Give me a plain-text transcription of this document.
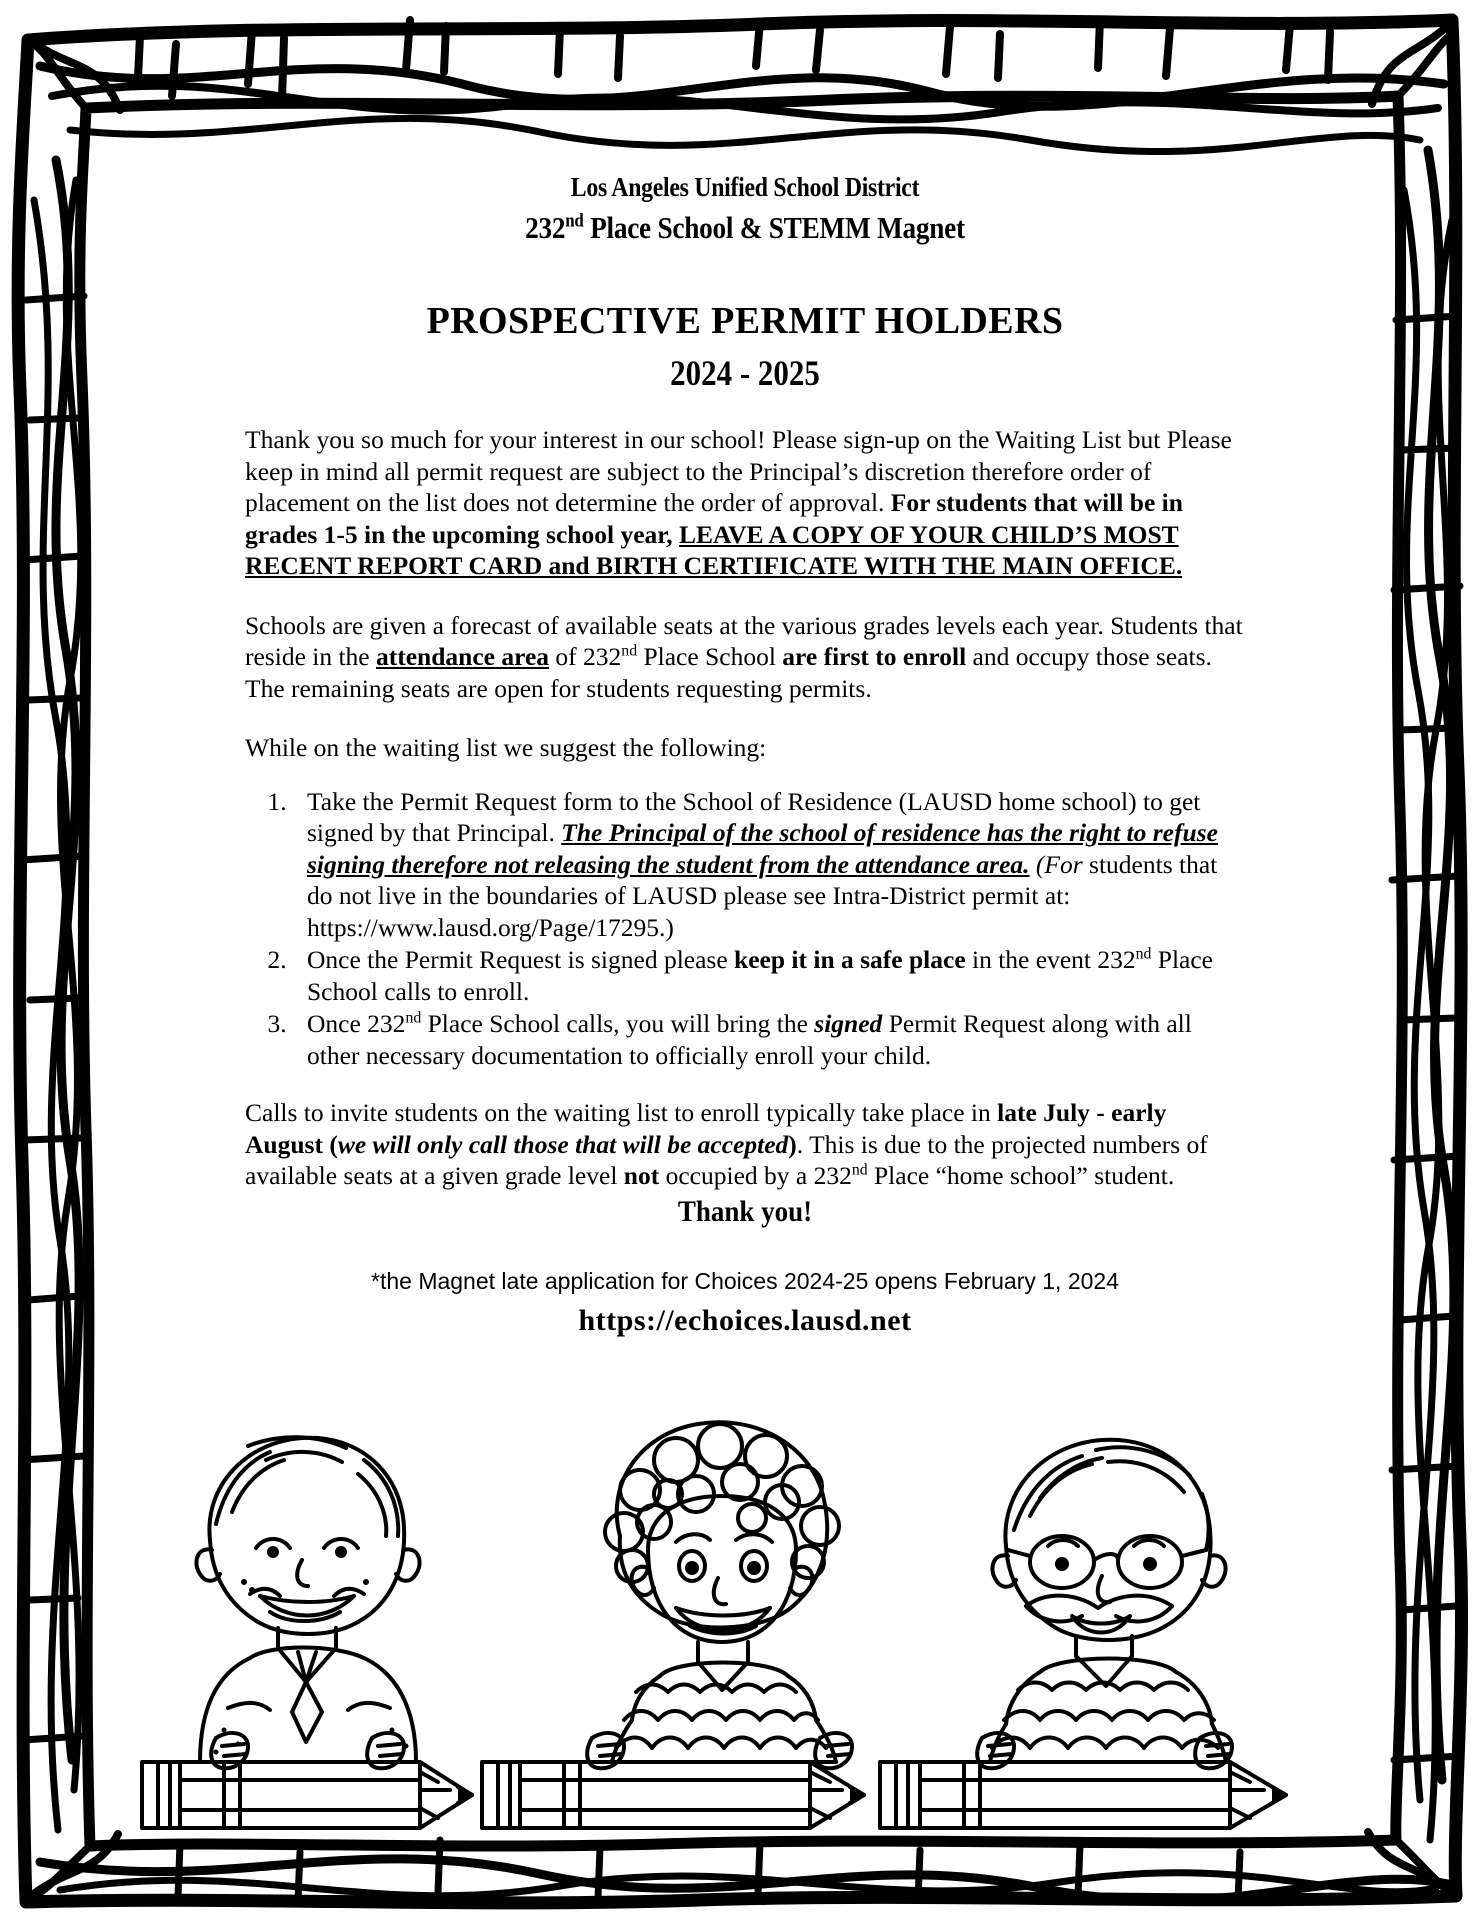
Los Angeles Unified School District
232nd Place School & STEMM Magnet
PROSPECTIVE PERMIT HOLDERS
2024 - 2025

Thank you so much for your interest in our school! Please sign-up on the Waiting List but Please keep in mind all permit request are subject to the Principal’s discretion therefore order of placement on the list does not determine the order of approval. For students that will be in grades 1-5 in the upcoming school year, LEAVE A COPY OF YOUR CHILD’S MOST RECENT REPORT CARD and BIRTH CERTIFICATE WITH THE MAIN OFFICE.

Schools are given a forecast of available seats at the various grades levels each year. Students that reside in the attendance area of 232nd Place School are first to enroll and occupy those seats. The remaining seats are open for students requesting permits.

While on the waiting list we suggest the following:

1. Take the Permit Request form to the School of Residence (LAUSD home school) to get signed by that Principal. The Principal of the school of residence has the right to refuse signing therefore not releasing the student from the attendance area. (For students that do not live in the boundaries of LAUSD please see Intra-District permit at: https://www.lausd.org/Page/17295.)
2. Once the Permit Request is signed please keep it in a safe place in the event 232nd Place School calls to enroll.
3. Once 232nd Place School calls, you will bring the signed Permit Request along with all other necessary documentation to officially enroll your child.

Calls to invite students on the waiting list to enroll typically take place in late July - early August (we will only call those that will be accepted). This is due to the projected numbers of available seats at a given grade level not occupied by a 232nd Place “home school” student.

Thank you!
*the Magnet late application for Choices 2024-25 opens February 1, 2024
https://echoices.lausd.net
